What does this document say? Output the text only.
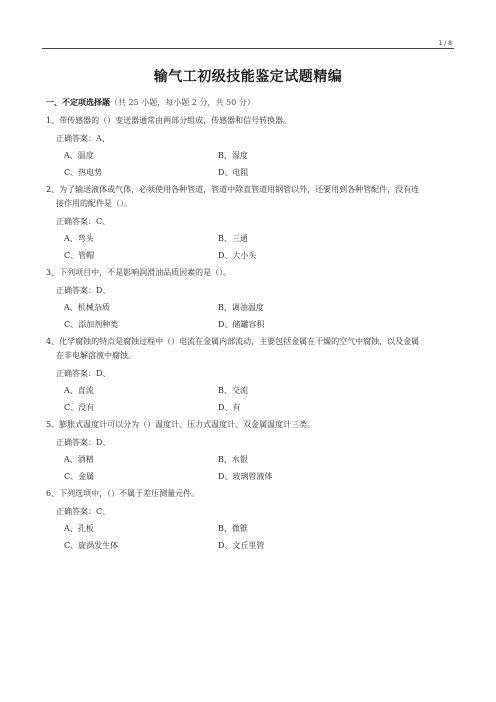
1 / 8
输气工初级技能鉴定试题精编
一、不定项选择题（共 25 小题，每小题 2 分，共 50 分）
1、带传感器的（）变送器通常由两部分组成，传感器和信号转换器。
正确答案：A、
A、温度	B、湿度
C、热电势	D、电阻
2、为了输送液体或气体，必须使用各种管道，管道中除直管道用钢管以外，还要用到各种管配件，没有连
接作用的配件是（）。
正确答案：C、
A、弯头	B、三通
C、管帽	D、大小头
3、下列项目中，不是影响润滑油品质因素的是（）。
正确答案：D、
A、机械杂质	B、调油温度
C、添加剂种类	D、储罐容积
4、化学腐蚀的特点是腐蚀过程中（）电流在金属内部流动，主要包括金属在干燥的空气中腐蚀，以及金属
在非电解溶液中腐蚀。
正确答案：D、
A、直流	B、交流
C、没有	D、有
5、膨胀式温度计可以分为（）温度计、压力式温度计、双金属温度计三类。
正确答案：D、
A、酒精	B、水银
C、金属	D、玻璃管液体
6、下列选项中，（）不属于差压测量元件。
正确答案：C、
A、孔板	B、微锥
C、旋涡发生体	D、文丘里管
